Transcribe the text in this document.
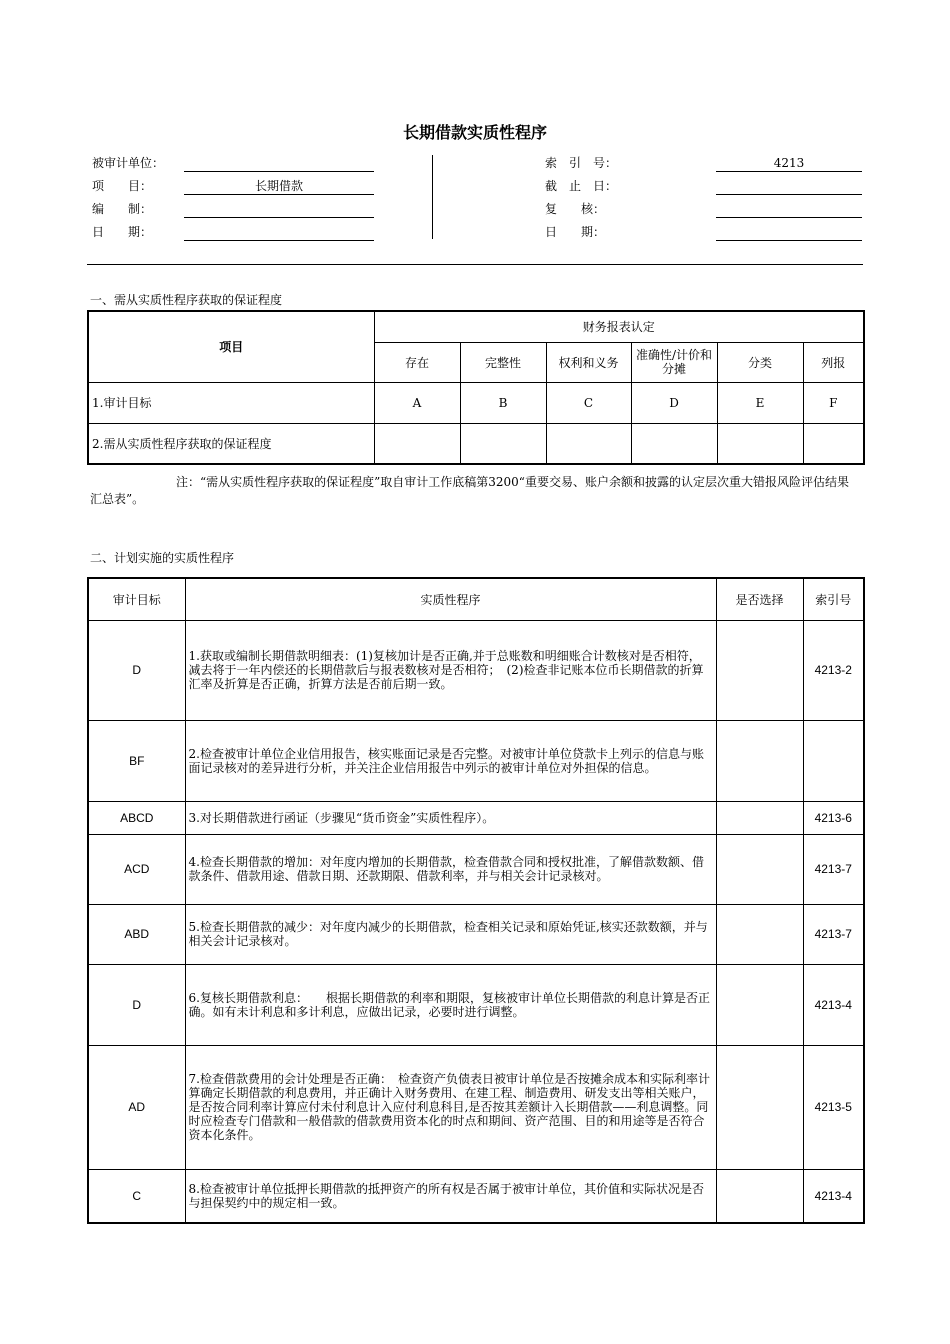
长期借款实质性程序
被审计单位：
项　　目：	长期借款
编　　制：
日　　期：
索　引　号：	4213
截　止　日：
复　　核：
日　　期：
一、需从实质性程序获取的保证程度
项目	财务报表认定					
	存在	完整性	权利和义务	准确性/计价和分摊	分类	列报
1.审计目标	A	B	C	D	E	F
2.需从实质性程序获取的保证程度						
注：“需从实质性程序获取的保证程度”取自审计工作底稿第3200“重要交易、账户余额和披露的认定层次重大错报风险评估结果汇总表”。
二、计划实施的实质性程序
审计目标	实质性程序	是否选择	索引号
D	1.获取或编制长期借款明细表：(1)复核加计是否正确,并于总账数和明细账合计数核对是否相符，减去将于一年内偿还的长期借款后与报表数核对是否相符；　(2)检查非记账本位币长期借款的折算汇率及折算是否正确，折算方法是否前后期一致。		4213-2
BF	2.检查被审计单位企业信用报告，核实账面记录是否完整。对被审计单位贷款卡上列示的信息与账面记录核对的差异进行分析，并关注企业信用报告中列示的被审计单位对外担保的信息。		
ABCD	3.对长期借款进行函证（步骤见“货币资金”实质性程序）。		4213-6
ACD	4.检查长期借款的增加：对年度内增加的长期借款，检查借款合同和授权批准，了解借款数额、借款条件、借款用途、借款日期、还款期限、借款利率，并与相关会计记录核对。		4213-7
ABD	5.检查长期借款的减少：对年度内减少的长期借款，检查相关记录和原始凭证,核实还款数额，并与相关会计记录核对。		4213-7
D	6.复核长期借款利息：　　根据长期借款的利率和期限，复核被审计单位长期借款的利息计算是否正确。如有未计利息和多计利息，应做出记录，必要时进行调整。		4213-4
AD	7.检查借款费用的会计处理是否正确：　检查资产负债表日被审计单位是否按摊余成本和实际利率计算确定长期借款的利息费用，并正确计入财务费用、在建工程、制造费用、研发支出等相关账户，是否按合同利率计算应付未付利息计入应付利息科目,是否按其差额计入长期借款——利息调整。同时应检查专门借款和一般借款的借款费用资本化的时点和期间、资产范围、目的和用途等是否符合资本化条件。		4213-5
C	8.检查被审计单位抵押长期借款的抵押资产的所有权是否属于被审计单位，其价值和实际状况是否与担保契约中的规定相一致。		4213-4
